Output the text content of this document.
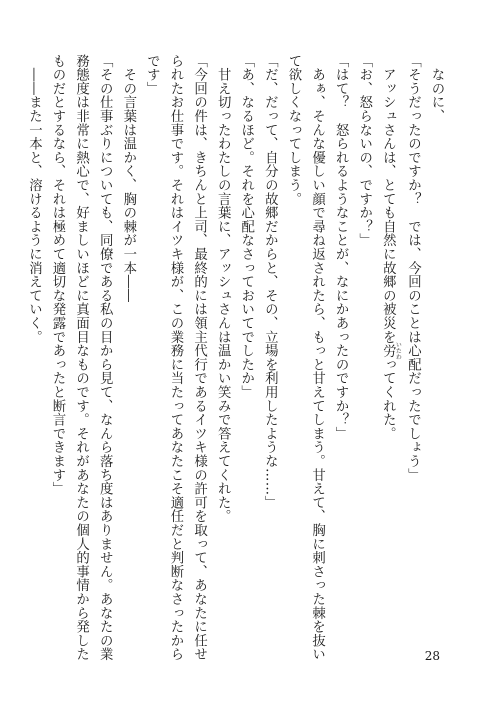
　なのに、

「そうだったのですか？　では、今回のことは心配だったでしょう」

　アッシュさんは、とても自然に故郷の被災を労 いたわってくれた。

「お、怒らないの、ですか？」

「はて？　怒られるようなことが、なにかあったのですか？」

　あぁ、そんな優しい顔で尋ね返されたら、もっと甘えてしまう。甘えて、胸に刺さった棘を抜い

て欲しくなってしまう。

「だ、だって、自分の故郷だからと、その、立場を利用したような……」

「あ、なるほど。それを心配なさっておいてでしたか」

　甘え切ったわたしの言葉に、アッシュさんは温かい笑みで答えてくれた。

「今回の件は、きちんと上司、最終的には領主代行であるイツキ様の許可を取って、あなたに任せ

られたお仕事です。それはイツキ様が、この業務に当たってあなたこそ適任だと判断なさったから

です」

　その言葉は温かく、胸の棘が一本――

「その仕事ぶりについても、同僚である私の目から見て、なんら落ち度はありません。あなたの業

務態度は非常に熱心で、好ましいほどに真面目なものです。それがあなたの個人的事情から発した

ものだとするなら、それは極めて適切な発露であったと断言できます」

　――また一本と、溶けるように消えていく。

28
